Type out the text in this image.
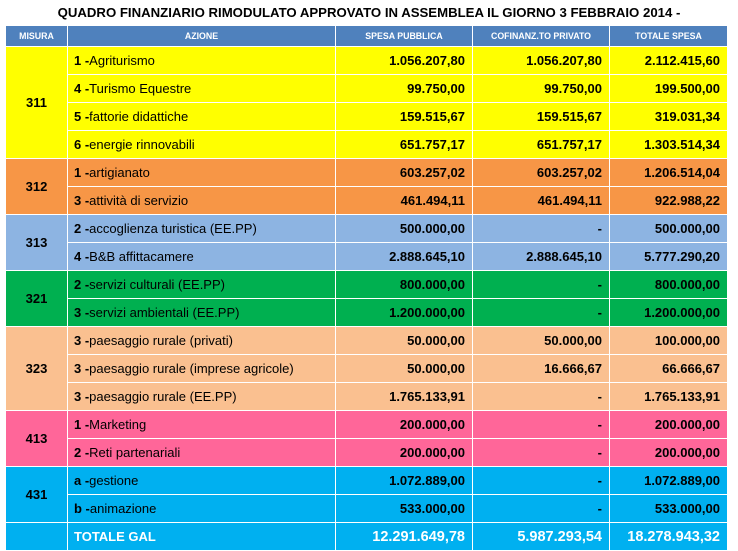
QUADRO FINANZIARIO RIMODULATO APPROVATO IN ASSEMBLEA IL GIORNO 3 FEBBRAIO 2014 -
MISURA	AZIONE	SPESA PUBBLICA	COFINANZ.TO PRIVATO	TOTALE SPESA
311	1 -Agriturismo	1.056.207,80	1.056.207,80	2.112.415,60
	4 -Turismo Equestre	99.750,00	99.750,00	199.500,00
	5 -fattorie didattiche	159.515,67	159.515,67	319.031,34
	6 -energie rinnovabili	651.757,17	651.757,17	1.303.514,34
312	1 -artigianato	603.257,02	603.257,02	1.206.514,04
	3 -attività di servizio	461.494,11	461.494,11	922.988,22
313	2 -accoglienza turistica (EE.PP)	500.000,00	-	500.000,00
	4 -B&B affittacamere	2.888.645,10	2.888.645,10	5.777.290,20
321	2 -servizi culturali (EE.PP)	800.000,00	-	800.000,00
	3 -servizi ambientali (EE.PP)	1.200.000,00	-	1.200.000,00
323	3 -paesaggio rurale (privati)	50.000,00	50.000,00	100.000,00
	3 -paesaggio rurale (imprese agricole)	50.000,00	16.666,67	66.666,67
	3 -paesaggio rurale (EE.PP)	1.765.133,91	-	1.765.133,91
413	1 -Marketing	200.000,00	-	200.000,00
	2 -Reti partenariali	200.000,00	-	200.000,00
431	a -gestione	1.072.889,00	-	1.072.889,00
	b -animazione	533.000,00	-	533.000,00
	TOTALE GAL	12.291.649,78	5.987.293,54	18.278.943,32
